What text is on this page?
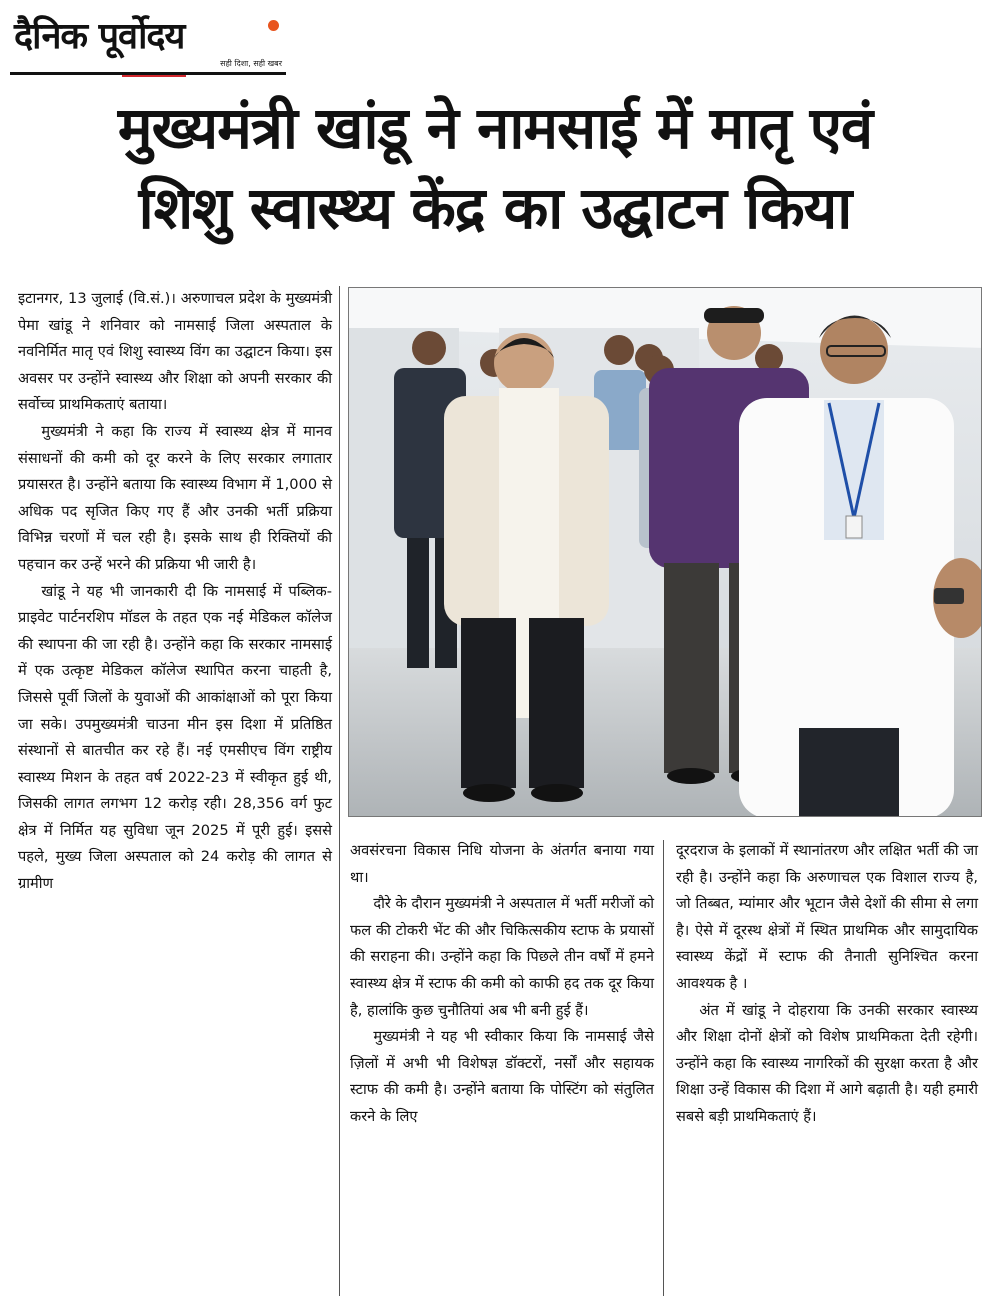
दैनिक पूर्वोदय
सही दिशा, सही खबर
मुख्यमंत्री खांडू ने नामसाई में मातृ एवं
शिशु स्वास्थ्य केंद्र का उद्घाटन किया

इटानगर, 13 जुलाई (वि.सं.)। अरुणाचल प्रदेश के मुख्यमंत्री पेमा खांडू ने शनिवार को नामसाई जिला अस्पताल के नवनिर्मित मातृ एवं शिशु स्वास्थ्य विंग का उद्घाटन किया। इस अवसर पर उन्होंने स्वास्थ्य और शिक्षा को अपनी सरकार की सर्वोच्च प्राथमिकताएं बताया।

मुख्यमंत्री ने कहा कि राज्य में स्वास्थ्य क्षेत्र में मानव संसाधनों की कमी को दूर करने के लिए सरकार लगातार प्रयासरत है। उन्होंने बताया कि स्वास्थ्य विभाग में 1,000 से अधिक पद सृजित किए गए हैं और उनकी भर्ती प्रक्रिया विभिन्न चरणों में चल रही है। इसके साथ ही रिक्तियों की पहचान कर उन्हें भरने की प्रक्रिया भी जारी है।

खांडू ने यह भी जानकारी दी कि नामसाई में पब्लिक-प्राइवेट पार्टनरशिप मॉडल के तहत एक नई मेडिकल कॉलेज की स्थापना की जा रही है। उन्होंने कहा कि सरकार नामसाई में एक उत्कृष्ट मेडिकल कॉलेज स्थापित करना चाहती है, जिससे पूर्वी जिलों के युवाओं की आकांक्षाओं को पूरा किया जा सके। उपमुख्यमंत्री चाउना मीन इस दिशा में प्रतिष्ठित संस्थानों से बातचीत कर रहे हैं। नई एमसीएच विंग राष्ट्रीय स्वास्थ्य मिशन के तहत वर्ष 2022-23 में स्वीकृत हुई थी, जिसकी लागत लगभग 12 करोड़ रही। 28,356 वर्ग फुट क्षेत्र में निर्मित यह सुविधा जून 2025 में पूरी हुई। इससे पहले, मुख्य जिला अस्पताल को 24 करोड़ की लागत से ग्रामीण

अवसंरचना विकास निधि योजना के अंतर्गत बनाया गया था।

दौरे के दौरान मुख्यमंत्री ने अस्पताल में भर्ती मरीजों को फल की टोकरी भेंट की और चिकित्सकीय स्टाफ के प्रयासों की सराहना की। उन्होंने कहा कि पिछले तीन वर्षों में हमने स्वास्थ्य क्षेत्र में स्टाफ की कमी को काफी हद तक दूर किया है, हालांकि कुछ चुनौतियां अब भी बनी हुई हैं।

मुख्यमंत्री ने यह भी स्वीकार किया कि नामसाई जैसे ज़िलों में अभी भी विशेषज्ञ डॉक्टरों, नर्सों और सहायक स्टाफ की कमी है। उन्होंने बताया कि पोस्टिंग को संतुलित करने के लिए

दूरदराज के इलाकों में स्थानांतरण और लक्षित भर्ती की जा रही है। उन्होंने कहा कि अरुणाचल एक विशाल राज्य है, जो तिब्बत, म्यांमार और भूटान जैसे देशों की सीमा से लगा है। ऐसे में दूरस्थ क्षेत्रों में स्थित प्राथमिक और सामुदायिक स्वास्थ्य केंद्रों में स्टाफ की तैनाती सुनिश्चित करना आवश्यक है ।

अंत में खांडू ने दोहराया कि उनकी सरकार स्वास्थ्य और शिक्षा दोनों क्षेत्रों को विशेष प्राथमिकता देती रहेगी। उन्होंने कहा कि स्वास्थ्य नागरिकों की सुरक्षा करता है और शिक्षा उन्हें विकास की दिशा में आगे बढ़ाती है। यही हमारी सबसे बड़ी प्राथमिकताएं हैं।
